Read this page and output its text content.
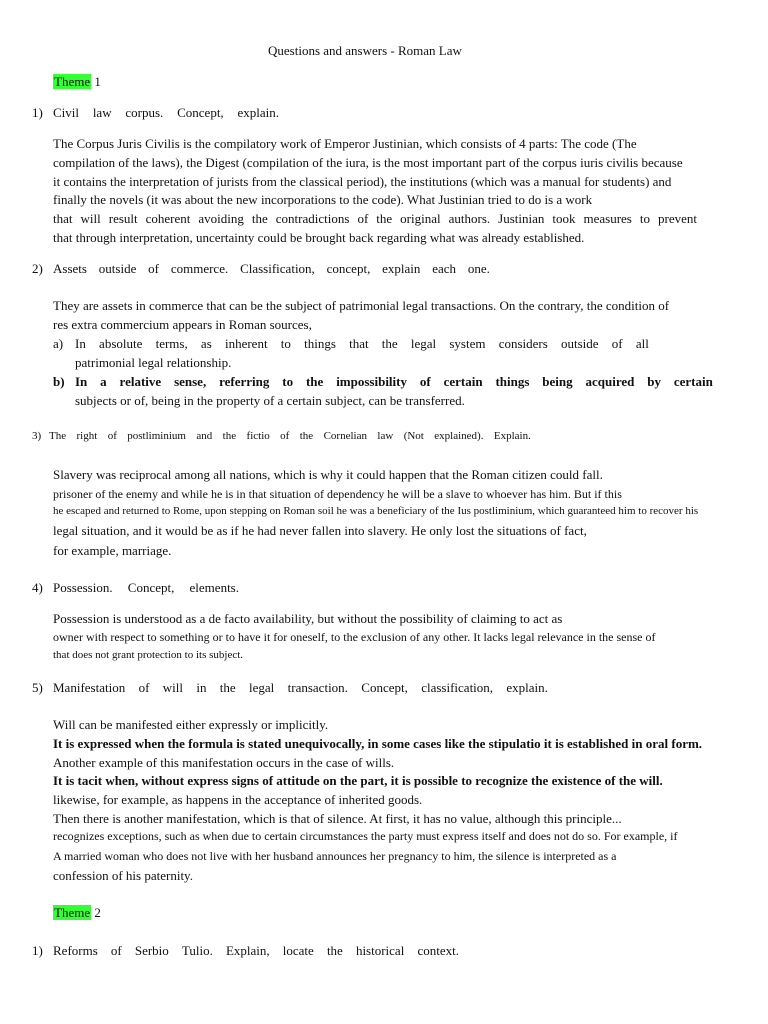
Questions and answers - Roman Law
Theme 1
1) Civil law corpus. Concept, explain.
The Corpus Juris Civilis is the compilatory work of Emperor Justinian, which consists of 4 parts: The code (The
compilation of the laws), the Digest (compilation of the iura, is the most important part of the corpus iuris civilis because
it contains the interpretation of jurists from the classical period), the institutions (which was a manual for students) and
finally the novels (it was about the new incorporations to the code). What Justinian tried to do is a work
that will result coherent avoiding the contradictions of the original authors. Justinian took measures to prevent
that through interpretation, uncertainty could be brought back regarding what was already established.
2) Assets outside of commerce. Classification, concept, explain each one.
They are assets in commerce that can be the subject of patrimonial legal transactions. On the contrary, the condition of
res extra commercium appears in Roman sources,
a) In absolute terms, as inherent to things that the legal system considers outside of all
patrimonial legal relationship.
b) In a relative sense, referring to the impossibility of certain things being acquired by certain
subjects or of, being in the property of a certain subject, can be transferred.
3) The right of postliminium and the fictio of the Cornelian law (Not explained). Explain.
Slavery was reciprocal among all nations, which is why it could happen that the Roman citizen could fall.
prisoner of the enemy and while he is in that situation of dependency he will be a slave to whoever has him. But if this
he escaped and returned to Rome, upon stepping on Roman soil he was a beneficiary of the Ius postliminium, which guaranteed him to recover his
legal situation, and it would be as if he had never fallen into slavery. He only lost the situations of fact,
for example, marriage.
4) Possession. Concept, elements.
Possession is understood as a de facto availability, but without the possibility of claiming to act as
owner with respect to something or to have it for oneself, to the exclusion of any other. It lacks legal relevance in the sense of
that does not grant protection to its subject.
5) Manifestation of will in the legal transaction. Concept, classification, explain.
Will can be manifested either expressly or implicitly.
It is expressed when the formula is stated unequivocally, in some cases like the stipulatio it is established in oral form.
Another example of this manifestation occurs in the case of wills.
It is tacit when, without express signs of attitude on the part, it is possible to recognize the existence of the will.
likewise, for example, as happens in the acceptance of inherited goods.
Then there is another manifestation, which is that of silence. At first, it has no value, although this principle...
recognizes exceptions, such as when due to certain circumstances the party must express itself and does not do so. For example, if
A married woman who does not live with her husband announces her pregnancy to him, the silence is interpreted as a
confession of his paternity.
Theme 2
1) Reforms of Serbio Tulio. Explain, locate the historical context.
